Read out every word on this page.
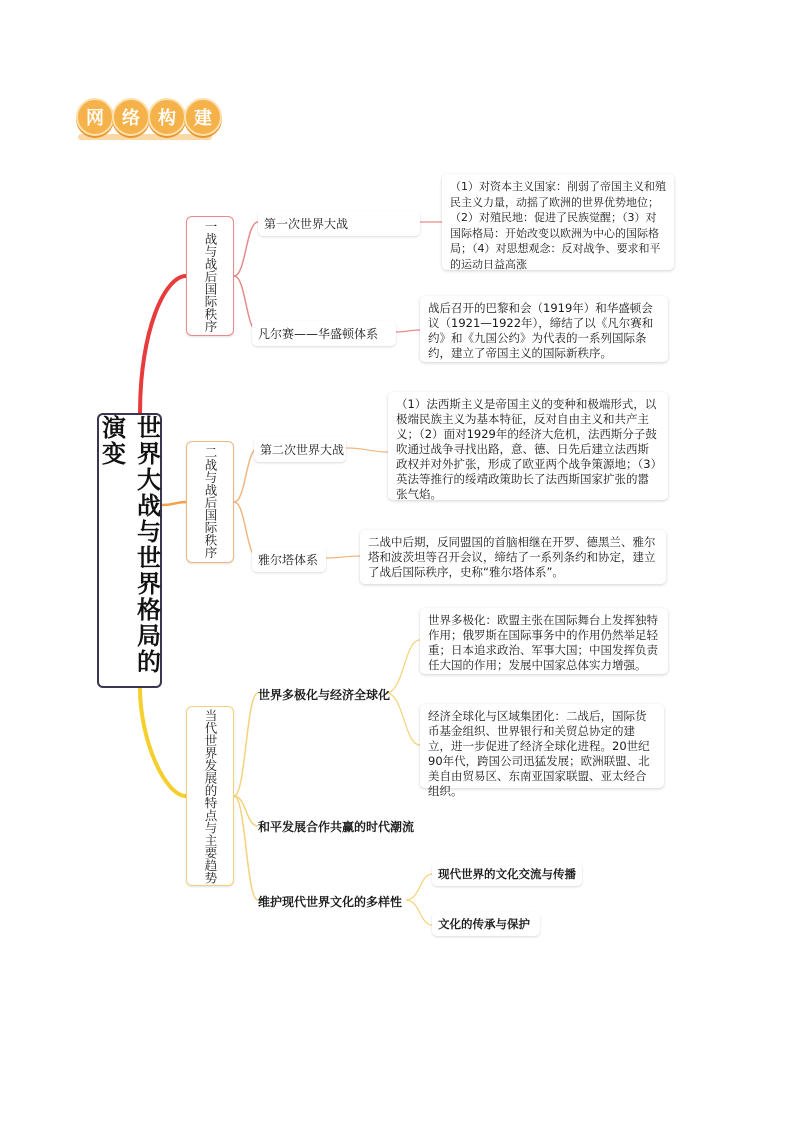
网	络	构	建
世界大战与世界格局的演变
一战与战后国际秩序
二战与战后国际秩序
当代世界发展的特点与主要趋势
第一次世界大战
（1）对资本主义国家：削弱了帝国主义和殖民主义力量，动摇了欧洲的世界优势地位；（2）对殖民地：促进了民族觉醒；（3）对国际格局：开始改变以欧洲为中心的国际格局；（4）对思想观念：反对战争、要求和平的运动日益高涨
凡尔赛——华盛顿体系
战后召开的巴黎和会（1919年）和华盛顿会议（1921—1922年），缔结了以《凡尔赛和约》和《九国公约》为代表的一系列国际条约，建立了帝国主义的国际新秩序。
第二次世界大战
（1）法西斯主义是帝国主义的变种和极端形式，以极端民族主义为基本特征，反对自由主义和共产主义；（2）面对1929年的经济大危机，法西斯分子鼓吹通过战争寻找出路，意、德、日先后建立法西斯政权并对外扩张，形成了欧亚两个战争策源地；（3）英法等推行的绥靖政策助长了法西斯国家扩张的嚣张气焰。
雅尔塔体系
二战中后期，反同盟国的首脑相继在开罗、德黑兰、雅尔塔和波茨坦等召开会议，缔结了一系列条约和协定，建立了战后国际秩序，史称“雅尔塔体系”。
世界多极化与经济全球化
世界多极化：欧盟主张在国际舞台上发挥独特作用；俄罗斯在国际事务中的作用仍然举足轻重；日本追求政治、军事大国；中国发挥负责任大国的作用；发展中国家总体实力增强。
经济全球化与区域集团化：二战后，国际货币基金组织、世界银行和关贸总协定的建立，进一步促进了经济全球化进程。20世纪90年代，跨国公司迅猛发展；欧洲联盟、北美自由贸易区、东南亚国家联盟、亚太经合组织。
和平发展合作共赢的时代潮流
维护现代世界文化的多样性
现代世界的文化交流与传播
文化的传承与保护
